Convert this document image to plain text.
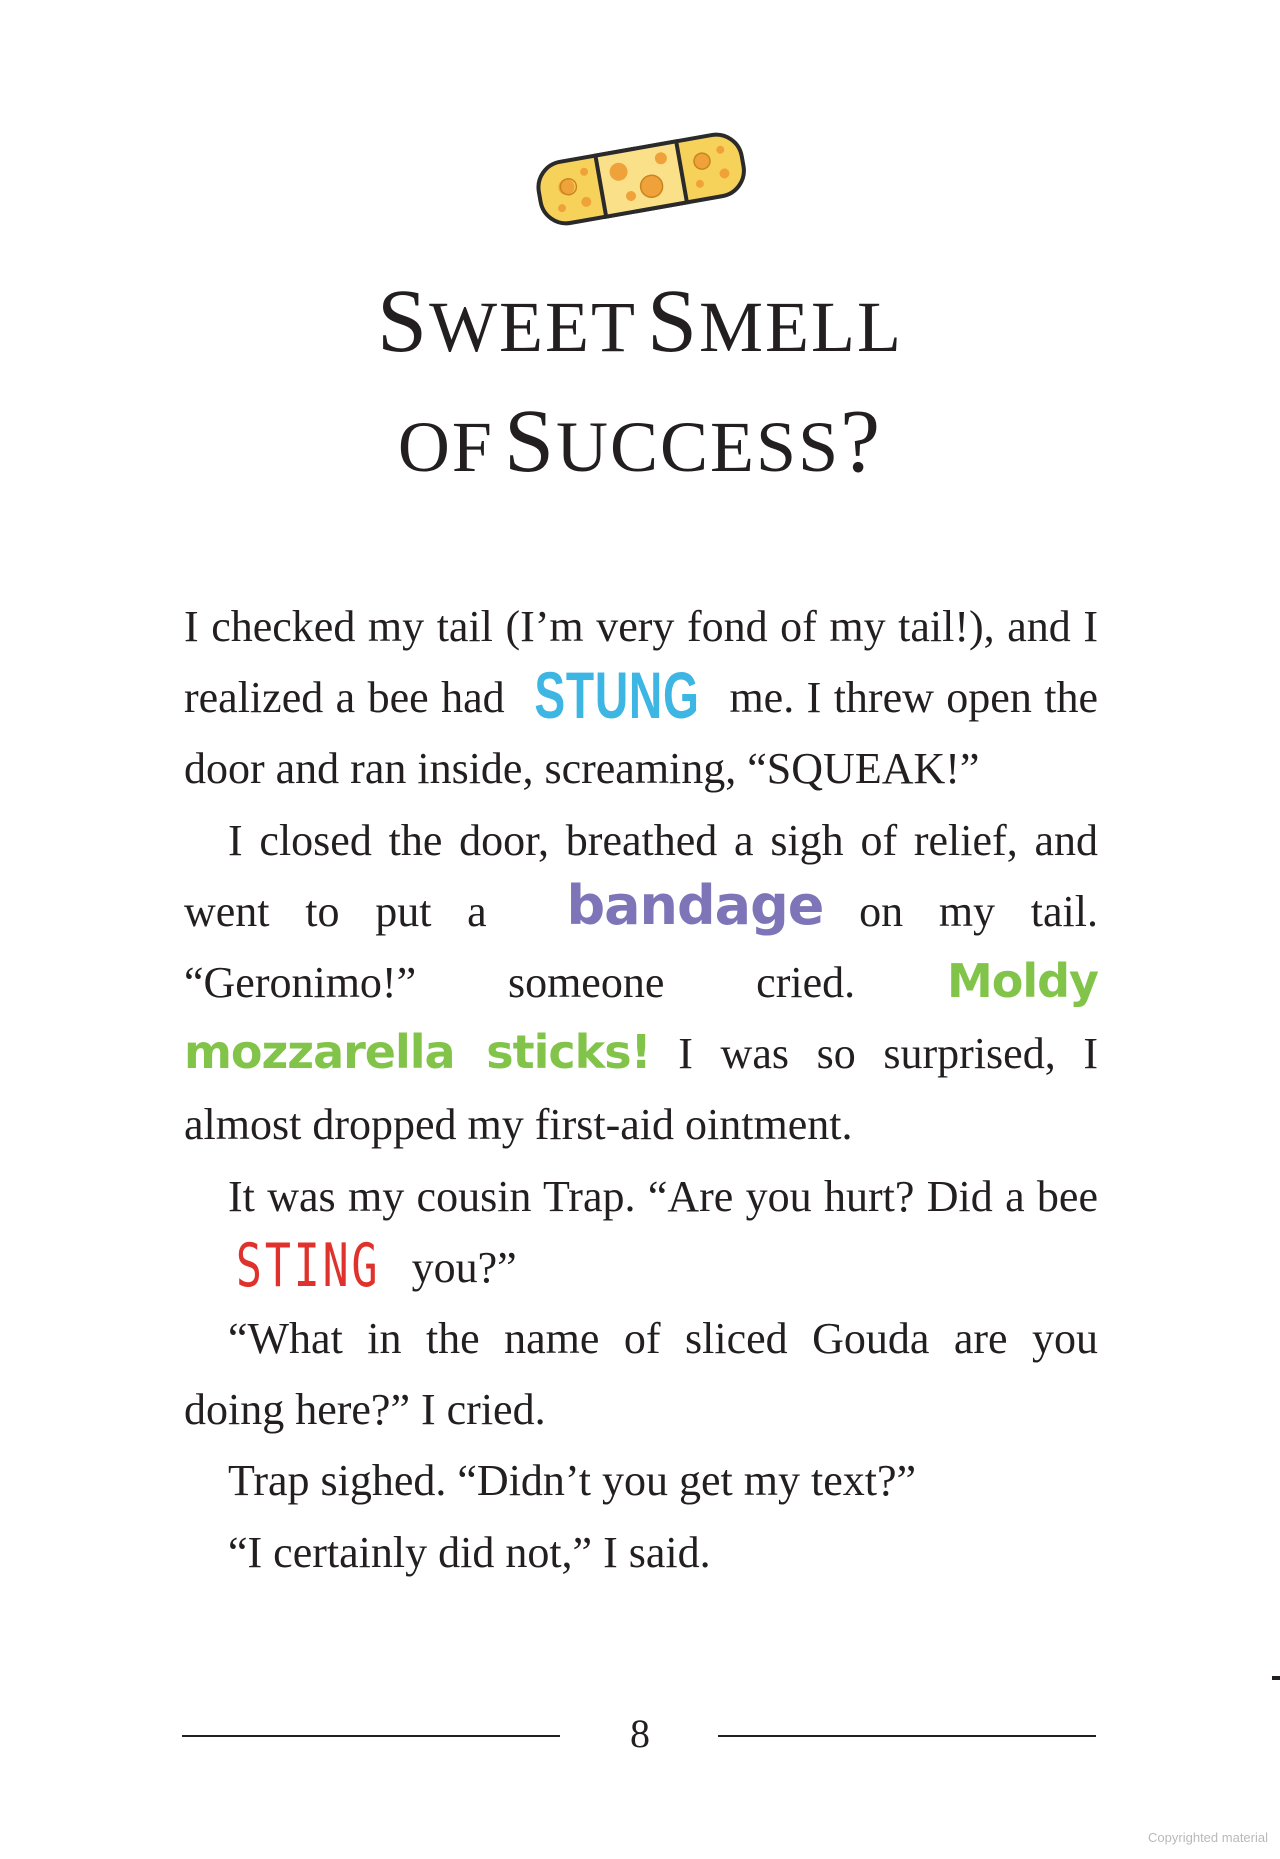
SWEET SMELL
OF SUCCESS?

I checked my tail (I’m very fond of my tail!), and I realized a bee had STUNG me. I threw open the door and ran inside, screaming, “SQUEAK!”

I closed the door, breathed a sigh of relief, and went to put a bandage on my tail. “Geronimo!” someone cried. Moldy mozzarella sticks! I was so surprised, I almost dropped my first-aid ointment.

It was my cousin Trap. “Are you hurt? Did a bee STING you?”

“What in the name of sliced Gouda are you doing here?” I cried.

Trap sighed. “Didn’t you get my text?”

“I certainly did not,” I said.

8
Copyrighted material
